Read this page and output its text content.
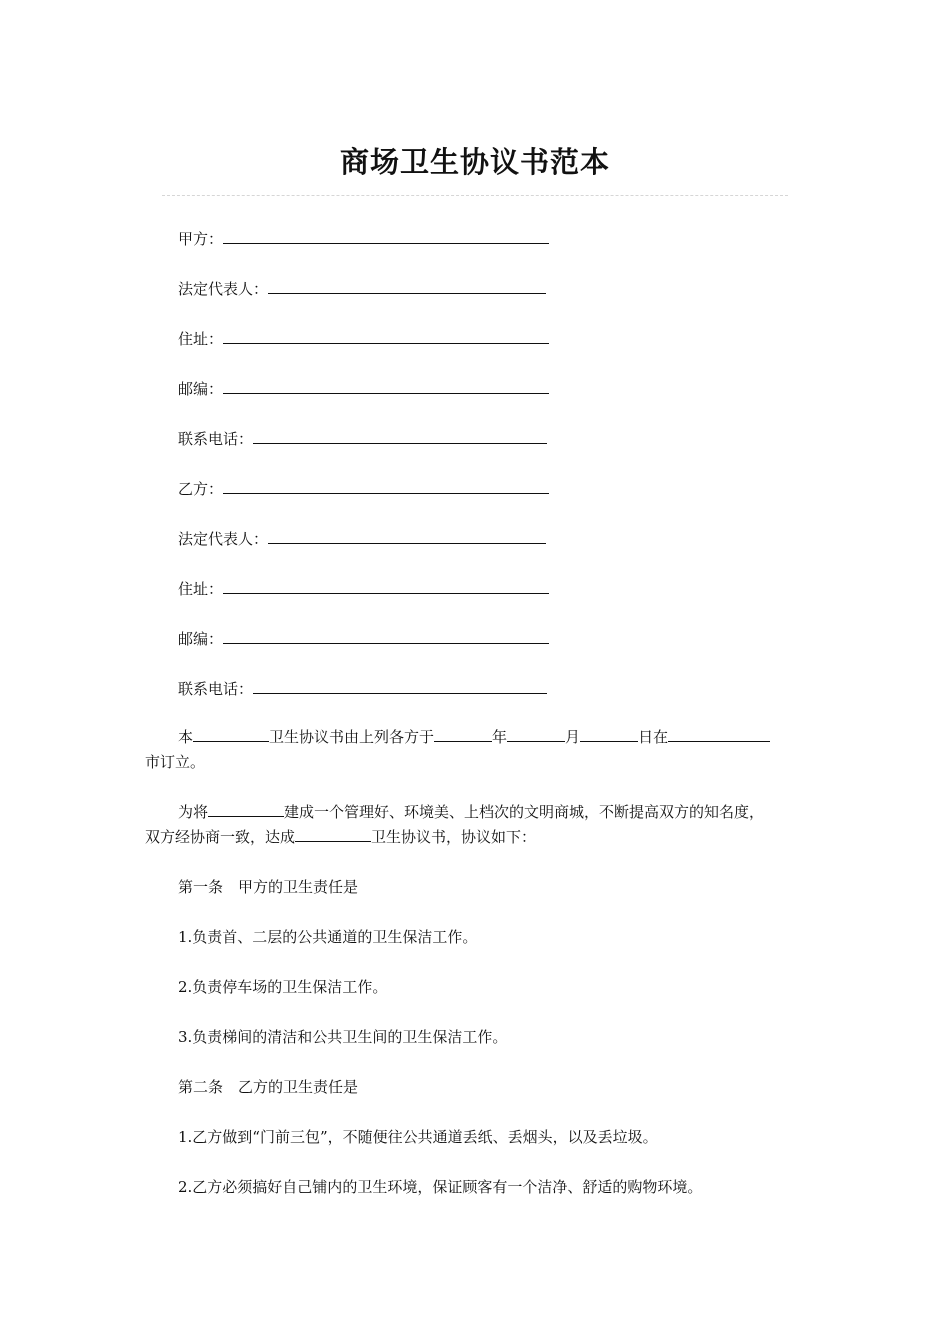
商场卫生协议书范本
甲方：
法定代表人：
住址：
邮编：
联系电话：
乙方：
法定代表人：
住址：
邮编：
联系电话：
本	卫生协议书由上列各方于	年	月	日在
市订立。
为将	建成一个管理好、环境美、上档次的文明商城，不断提高双方的知名度，
双方经协商一致，达成	卫生协议书，协议如下：
第一条　甲方的卫生责任是
1.负责首、二层的公共通道的卫生保洁工作。
2.负责停车场的卫生保洁工作。
3.负责梯间的清洁和公共卫生间的卫生保洁工作。
第二条　乙方的卫生责任是
1.乙方做到“门前三包”，不随便往公共通道丢纸、丢烟头，以及丢垃圾。
2.乙方必须搞好自己铺内的卫生环境，保证顾客有一个洁净、舒适的购物环境。
